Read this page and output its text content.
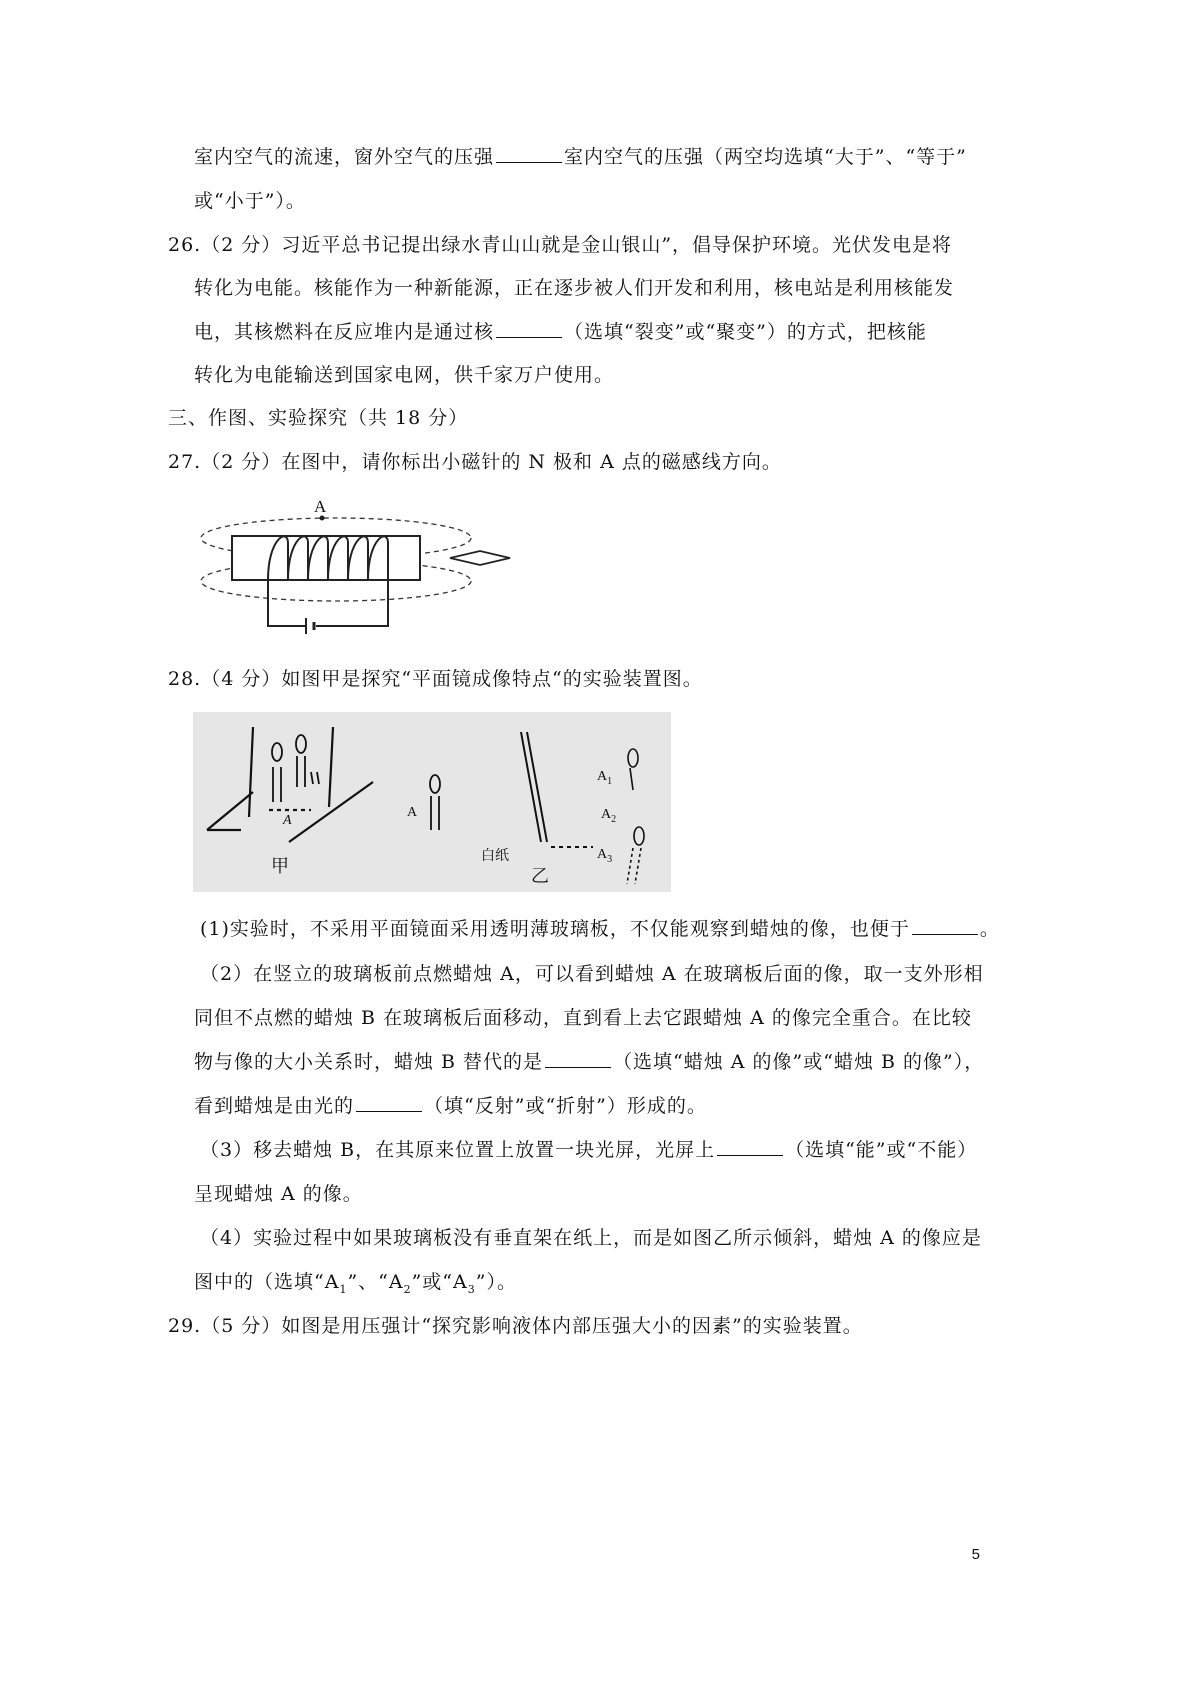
室内空气的流速，窗外空气的压强	室内空气的压强（两空均选填“大于”、“等于”
或“小于”）。
26.（2 分）习近平总书记提出绿水青山山就是金山银山”，倡导保护环境。光伏发电是将
转化为电能。核能作为一种新能源，正在逐步被人们开发和利用，核电站是利用核能发
电，其核燃料在反应堆内是通过核	（选填“裂变”或“聚变”）的方式，把核能
转化为电能输送到国家电网，供千家万户使用。
三、作图、实验探究（共 18 分）
27.（2 分）在图中，请你标出小磁针的 N 极和 A 点的磁感线方向。
A
28.（4 分）如图甲是探究“平面镜成像特点“的实验装置图。
A
甲
A
白纸
乙
$A_1$
$A_2$
$A_3$
(1)实验时，不采用平面镜面采用透明薄玻璃板，不仅能观察到蜡烛的像，也便于	。
（2）在竖立的玻璃板前点燃蜡烛 A，可以看到蜡烛 A 在玻璃板后面的像，取一支外形相
同但不点燃的蜡烛 B 在玻璃板后面移动，直到看上去它跟蜡烛 A 的像完全重合。在比较
物与像的大小关系时，蜡烛 B 替代的是	（选填“蜡烛 A 的像”或“蜡烛 B 的像”），
看到蜡烛是由光的	（填“反射”或“折射”）形成的。
（3）移去蜡烛 B，在其原来位置上放置一块光屏，光屏上	（选填“能”或“不能）
呈现蜡烛 A 的像。
（4）实验过程中如果玻璃板没有垂直架在纸上，而是如图乙所示倾斜，蜡烛 A 的像应是
图中的（选填“$A_1$”、“$A_2$”或“$A_3$”）。
29.（5 分）如图是用压强计“探究影响液体内部压强大小的因素”的实验装置。
5
